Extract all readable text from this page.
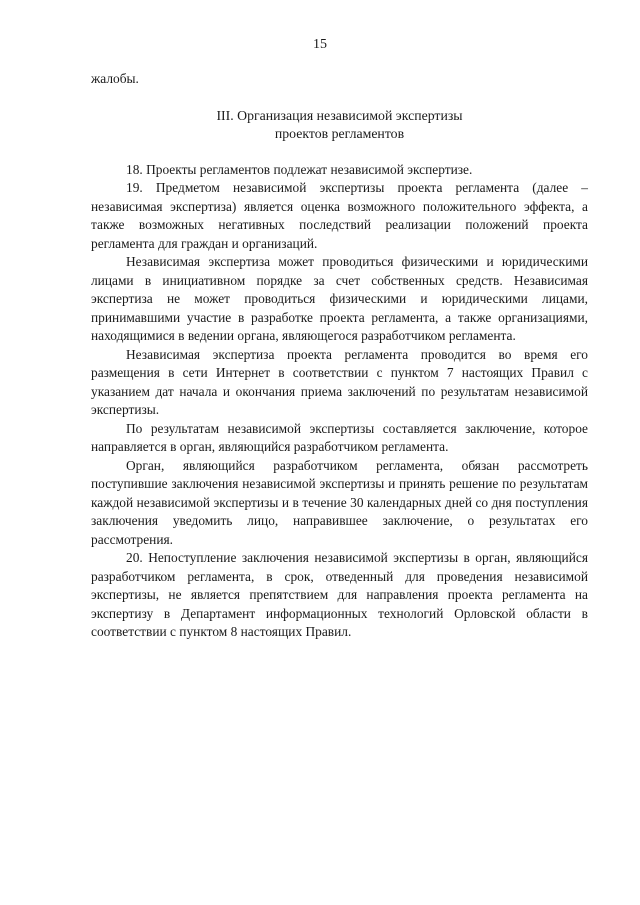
15

жалобы.

III. Организация независимой экспертизы
проектов регламентов

18. Проекты регламентов подлежат независимой экспертизе.

19. Предметом независимой экспертизы проекта регламента (далее – независимая экспертиза) является оценка возможного положительного эффекта, а также возможных негативных последствий реализации положений проекта регламента для граждан и организаций.

Независимая экспертиза может проводиться физическими и юридическими лицами в инициативном порядке за счет собственных средств. Независимая экспертиза не может проводиться физическими и юридическими лицами, принимавшими участие в разработке проекта регламента, а также организациями, находящимися в ведении органа, являющегося разработчиком регламента.

Независимая экспертиза проекта регламента проводится во время его размещения в сети Интернет в соответствии с пунктом 7 настоящих Правил с указанием дат начала и окончания приема заключений по результатам независимой экспертизы.

По результатам независимой экспертизы составляется заключение, которое направляется в орган, являющийся разработчиком регламента.

Орган, являющийся разработчиком регламента, обязан рассмотреть поступившие заключения независимой экспертизы и принять решение по результатам каждой независимой экспертизы и в течение 30 календарных дней со дня поступления заключения уведомить лицо, направившее заключение, о результатах его рассмотрения.

20. Непоступление заключения независимой экспертизы в орган, являющийся разработчиком регламента, в срок, отведенный для проведения независимой экспертизы, не является препятствием для направления проекта регламента на экспертизу в Департамент информационных технологий Орловской области в соответствии с пунктом 8 настоящих Правил.
